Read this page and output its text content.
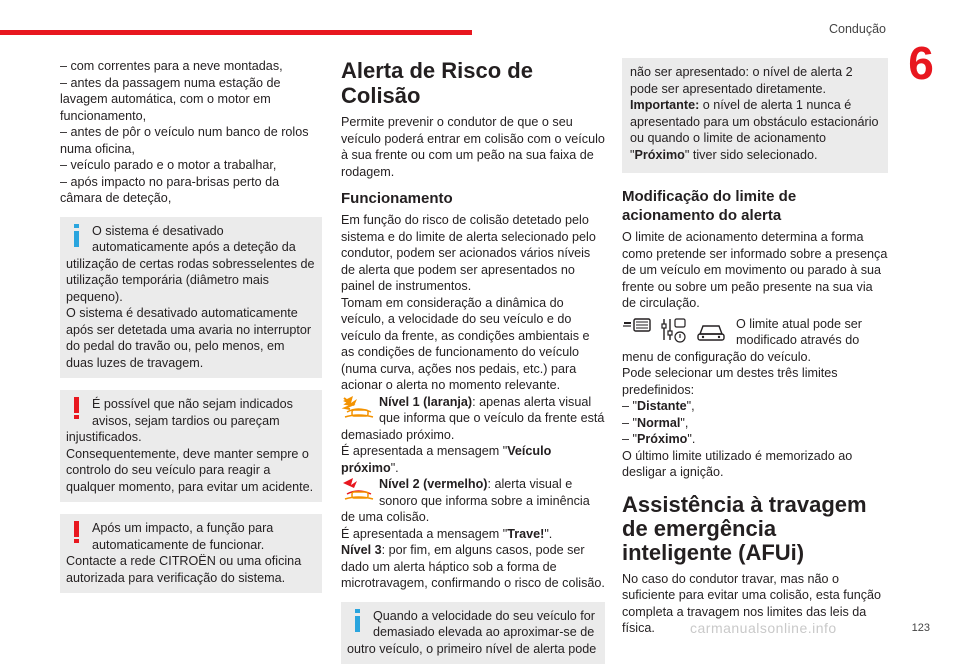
Condução
6

– com correntes para a neve montadas,

– antes da passagem numa estação de lavagem automática, com o motor em funcionamento,

– antes de pôr o veículo num banco de rolos numa oficina,

– veículo parado e o motor a trabalhar,

– após impacto no para-brisas perto da câmara de deteção,

O sistema é desativado automaticamente após a deteção da utilização de certas rodas sobresselentes de utilização temporária (diâmetro mais pequeno).

O sistema é desativado automaticamente após ser detetada uma avaria no interruptor do pedal do travão ou, pelo menos, em duas luzes de travagem.

É possível que não sejam indicados avisos, sejam tardios ou pareçam injustificados.

Consequentemente, deve manter sempre o controlo do seu veículo para reagir a qualquer momento, para evitar um acidente.

Após um impacto, a função para automaticamente de funcionar. Contacte a rede CITROËN ou uma oficina autorizada para verificação do sistema.

Alerta de Risco de Colisão

Permite prevenir o condutor de que o seu veículo poderá entrar em colisão com o veículo à sua frente ou com um peão na sua faixa de rodagem.

Funcionamento

Em função do risco de colisão detetado pelo sistema e do limite de alerta selecionado pelo condutor, podem ser acionados vários níveis de alerta que podem ser apresentados no painel de instrumentos.

Tomam em consideração a dinâmica do veículo, a velocidade do seu veículo e do veículo da frente, as condições ambientais e as condições de funcionamento do veículo (numa curva, ações nos pedais, etc.) para acionar o alerta no momento relevante.

Nível 1 (laranja): apenas alerta visual que informa que o veículo da frente está demasiado próximo.

É apresentada a mensagem "Veículo próximo".

Nível 2 (vermelho): alerta visual e sonoro que informa sobre a iminência de uma colisão.

É apresentada a mensagem "Trave!".

Nível 3: por fim, em alguns casos, pode ser dado um alerta háptico sob a forma de microtravagem, confirmando o risco de colisão.

Quando a velocidade do seu veículo for demasiado elevada ao aproximar-se de outro veículo, o primeiro nível de alerta pode

não ser apresentado: o nível de alerta 2 pode ser apresentado diretamente.

Importante: o nível de alerta 1 nunca é apresentado para um obstáculo estacionário ou quando o limite de acionamento "Próximo" tiver sido selecionado.

Modificação do limite de acionamento do alerta

O limite de acionamento determina a forma como pretende ser informado sobre a presença de um veículo em movimento ou parado à sua frente ou sobre um peão presente na sua via de circulação.

O limite atual pode ser modificado através do menu de configuração do veículo.

Pode selecionar um destes três limites predefinidos:

– "Distante",

– "Normal",

– "Próximo".

O último limite utilizado é memorizado ao desligar a ignição.

Assistência à travagem de emergência inteligente (AFUi)

No caso do condutor travar, mas não o suficiente para evitar uma colisão, esta função completa a travagem nos limites das leis da física.	carmanualsonline.info	123
